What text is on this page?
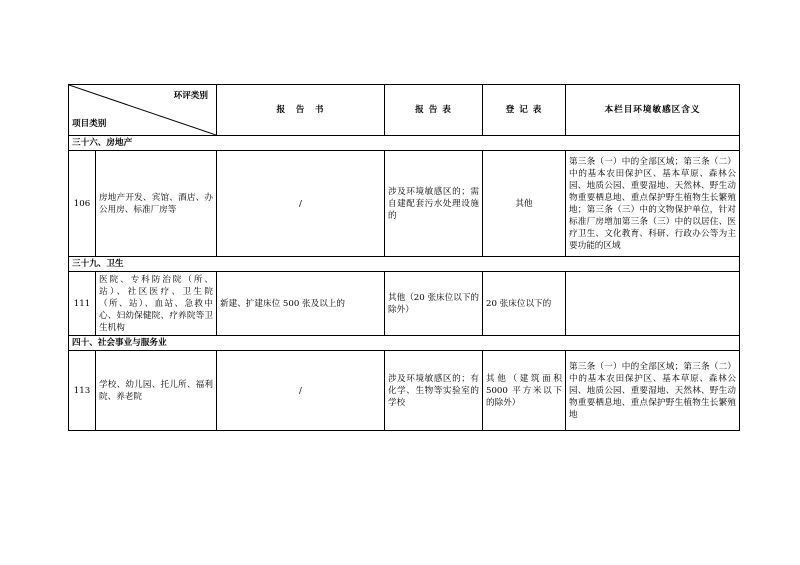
环评类别
项目类别		报　告　书	报 告 表	登 记 表	本栏目环境敏感区含义
三十六、房地产					
106	房地产开发、宾馆、酒店、办公用房、标准厂房等	/	涉及环境敏感区的；需自建配套污水处理设施的	其他	第三条（一）中的全部区域；第三条（二）中的基本农田保护区、基本草原、森林公园、地质公园、重要湿地、天然林、野生动物重要栖息地、重点保护野生植物生长繁殖地；第三条（三）中的文物保护单位，针对标准厂房增加第三条（三）中的以居住、医疗卫生、文化教育、科研、行政办公等为主要功能的区域
三十九、卫生					
111	医院、专科防治院（所、站）、社区医疗、卫生院（所、站）、血站、急救中心、妇幼保健院、疗养院等卫生机构	新建、扩建床位 500 张及以上的	其他（20 张床位以下的除外）	20 张床位以下的	
四十、社会事业与服务业					
113	学校、幼儿园、托儿所、福利院、养老院	/	涉及环境敏感区的；有化学、生物等实验室的学校	其他（建筑面积 5000 平方米以下的除外）	第三条（一）中的全部区域；第三条（二）中的基本农田保护区、基本草原、森林公园、地质公园、重要湿地、天然林、野生动物重要栖息地、重点保护野生植物生长繁殖地
